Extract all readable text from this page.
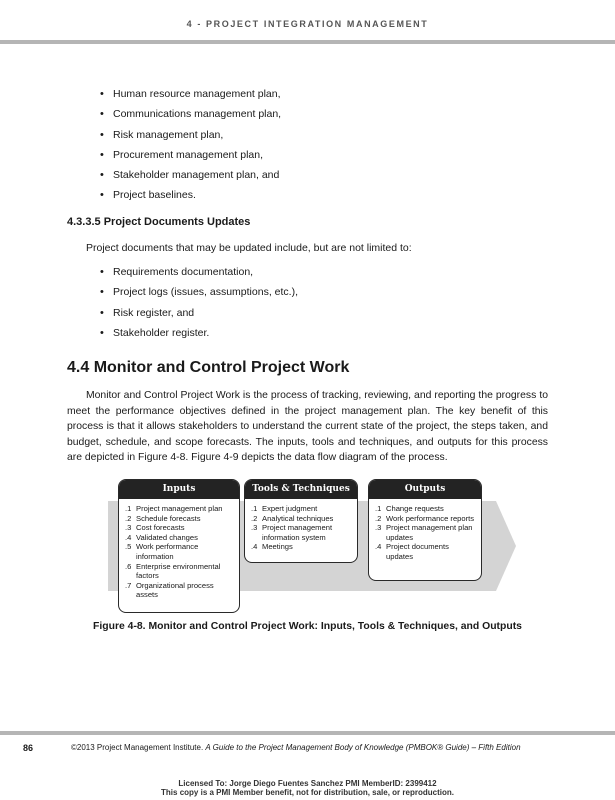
4 - PROJECT INTEGRATION MANAGEMENT
• Human resource management plan,
• Communications management plan,
• Risk management plan,
• Procurement management plan,
• Stakeholder management plan, and
• Project baselines.
4.3.3.5 Project Documents Updates
Project documents that may be updated include, but are not limited to:
• Requirements documentation,
• Project logs (issues, assumptions, etc.),
• Risk register, and
• Stakeholder register.
4.4 Monitor and Control Project Work
Monitor and Control Project Work is the process of tracking, reviewing, and reporting the progress to meet the performance objectives defined in the project management plan. The key benefit of this process is that it allows stakeholders to understand the current state of the project, the steps taken, and budget, schedule, and scope forecasts. The inputs, tools and techniques, and outputs for this process are depicted in Figure 4-8. Figure 4-9 depicts the data flow diagram of the process.
Inputs
.1 Project management plan
.2 Schedule forecasts
.3 Cost forecasts
.4 Validated changes
.5 Work performance information
.6 Enterprise environmental factors
.7 Organizational process assets
Tools & Techniques
.1 Expert judgment
.2 Analytical techniques
.3 Project management information system
.4 Meetings
Outputs
.1 Change requests
.2 Work performance reports
.3 Project management plan updates
.4 Project documents updates
Figure 4-8. Monitor and Control Project Work: Inputs, Tools & Techniques, and Outputs
86	©2013 Project Management Institute. A Guide to the Project Management Body of Knowledge (PMBOK® Guide) – Fifth Edition
Licensed To: Jorge Diego Fuentes Sanchez PMI MemberID: 2399412
This copy is a PMI Member benefit, not for distribution, sale, or reproduction.
